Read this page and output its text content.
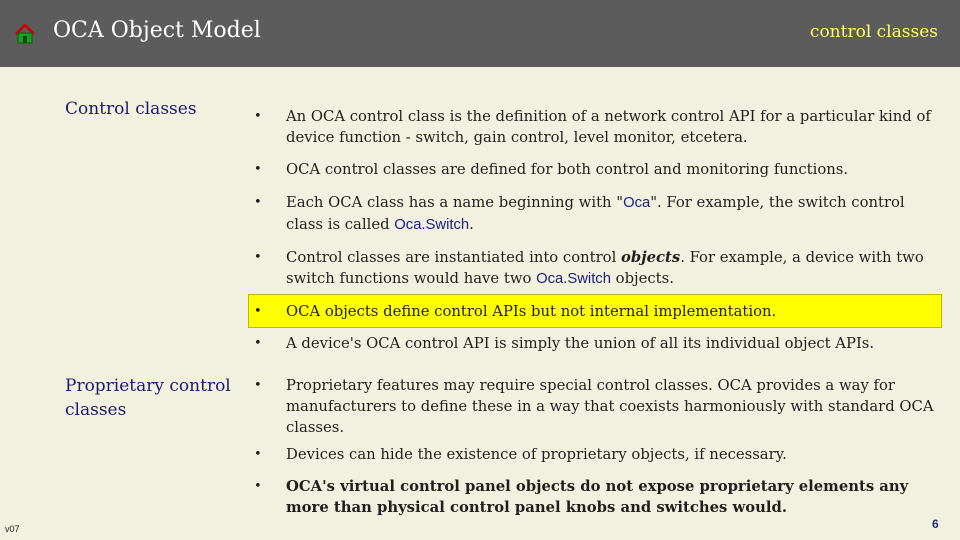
OCA Object Model	control classes
Control classes
Proprietary control classes
•	An OCA control class is the definition of a network control API for a particular kind of device function - switch, gain control, level monitor, etcetera.
•	OCA control classes are defined for both control and monitoring functions.
•	Each OCA class has a name beginning with "Oca". For example, the switch control class is called Oca.Switch.
•	Control classes are instantiated into control objects. For example, a device with two switch functions would have two Oca.Switch objects.
•	OCA objects define control APIs but not internal implementation.
•	A device's OCA control API is simply the union of all its individual object APIs.
•	Proprietary features may require special control classes. OCA provides a way for manufacturers to define these in a way that coexists harmoniously with standard OCA classes.
•	Devices can hide the existence of proprietary objects, if necessary.
•	OCA's virtual control panel objects do not expose proprietary elements any more than physical control panel knobs and switches would.
v07	6
